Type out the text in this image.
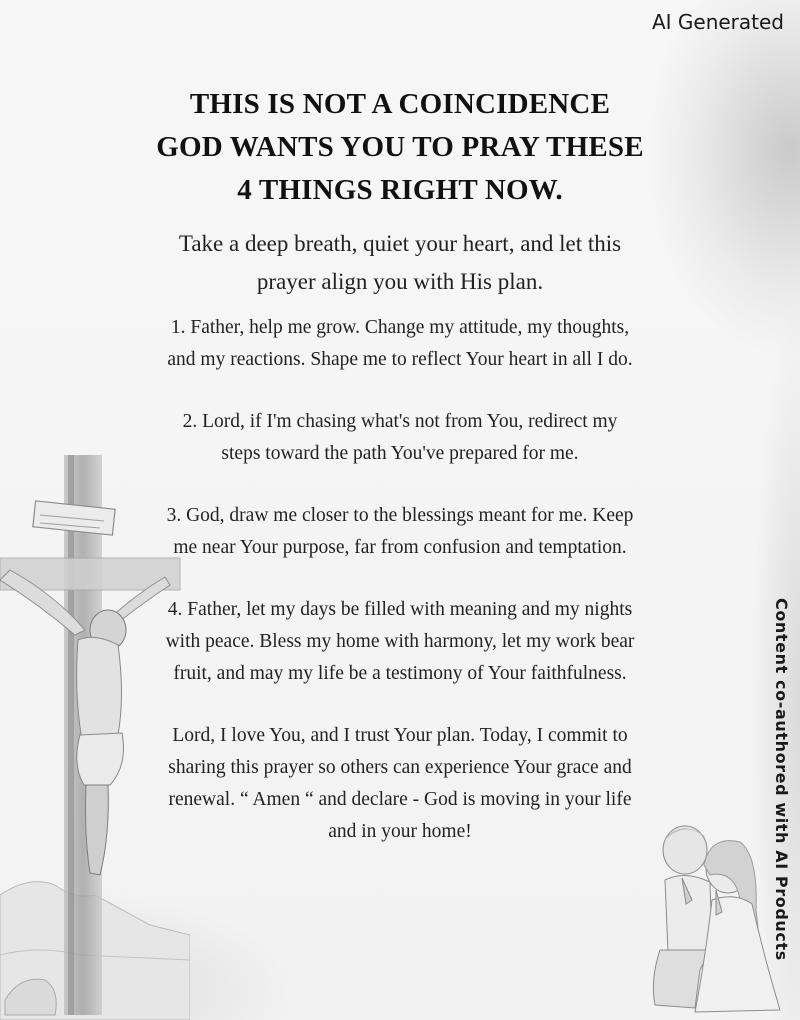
AI Generated
THIS IS NOT A COINCIDENCE
GOD WANTS YOU TO PRAY THESE
4 THINGS RIGHT NOW.
Take a deep breath, quiet your heart, and let this
prayer align you with His plan.
1. Father, help me grow. Change my attitude, my thoughts,
and my reactions. Shape me to reflect Your heart in all I do.
2. Lord, if I'm chasing what's not from You, redirect my
steps toward the path You've prepared for me.
3. God, draw me closer to the blessings meant for me. Keep
me near Your purpose, far from confusion and temptation.
4. Father, let my days be filled with meaning and my nights
with peace. Bless my home with harmony, let my work bear
fruit, and may my life be a testimony of Your faithfulness.
Lord, I love You, and I trust Your plan. Today, I commit to
sharing this prayer so others can experience Your grace and
renewal. “ Amen “ and declare - God is moving in your life
and in your home!	Content co-authored with AI Products
